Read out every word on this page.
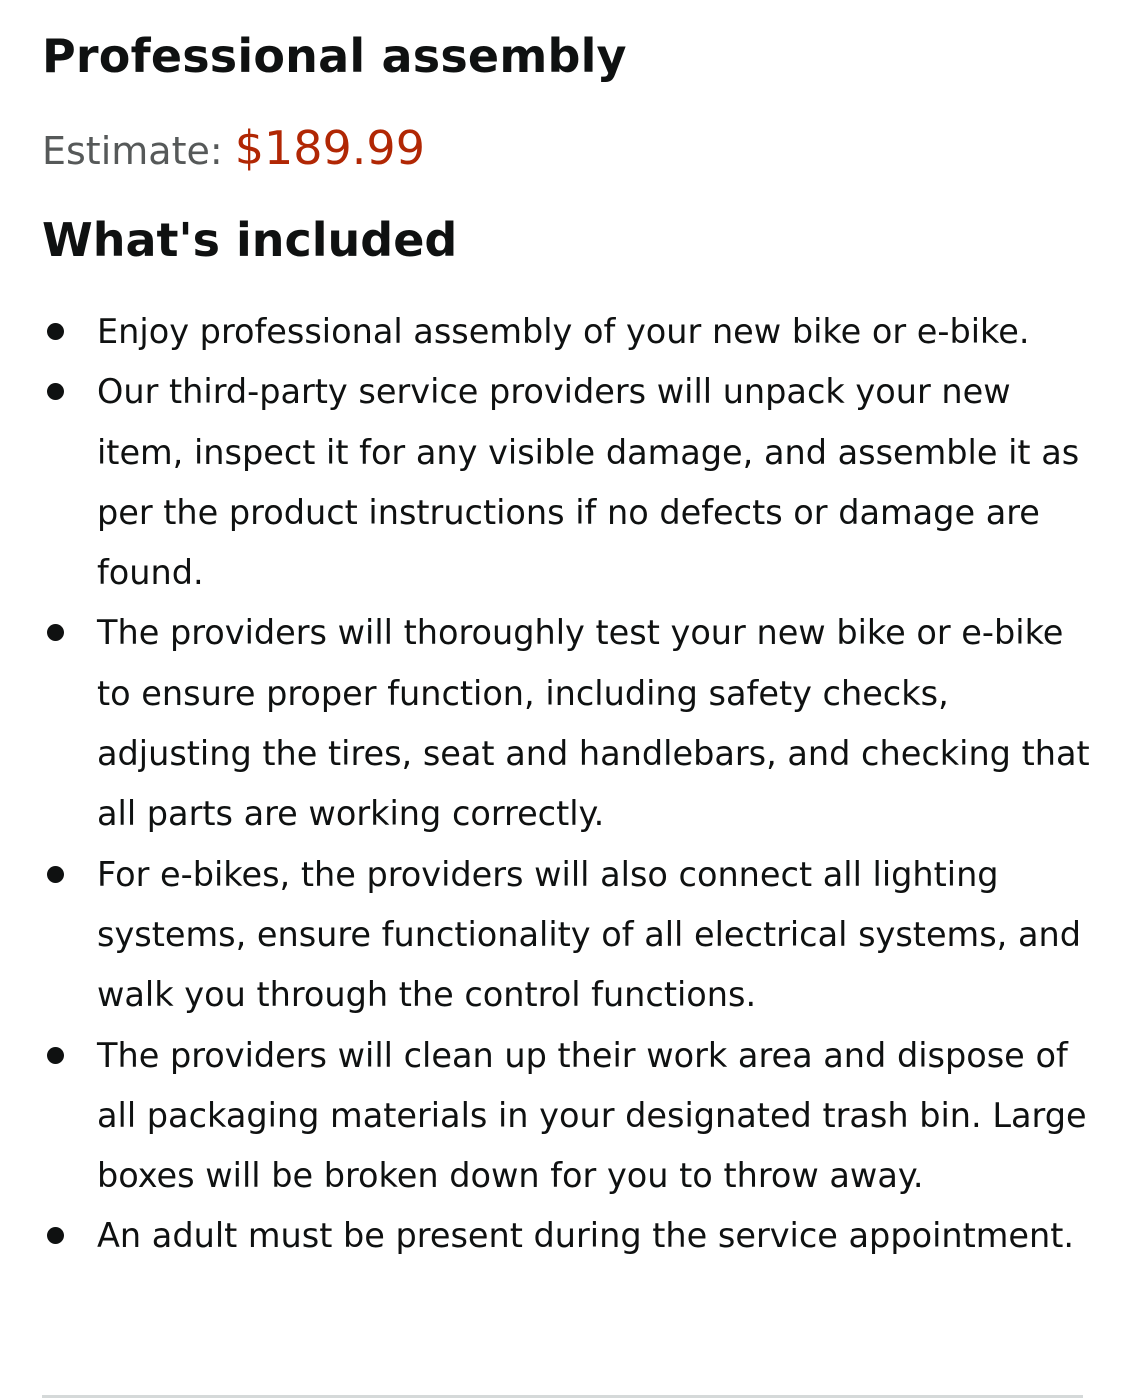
Professional assembly

Estimate: $189.99

What's included
Enjoy professional assembly of your new bike or e-bike.
Our third-party service providers will unpack your new item, inspect it for any visible damage, and assemble it as per the product instructions if no defects or damage are found.
The providers will thoroughly test your new bike or e-bike to ensure proper function, including safety checks, adjusting the tires, seat and handlebars, and checking that all parts are working correctly.
For e-bikes, the providers will also connect all lighting systems, ensure functionality of all electrical systems, and walk you through the control functions.
The providers will clean up their work area and dispose of all packaging materials in your designated trash bin. Large boxes will be broken down for you to throw away.
An adult must be present during the service appointment.
